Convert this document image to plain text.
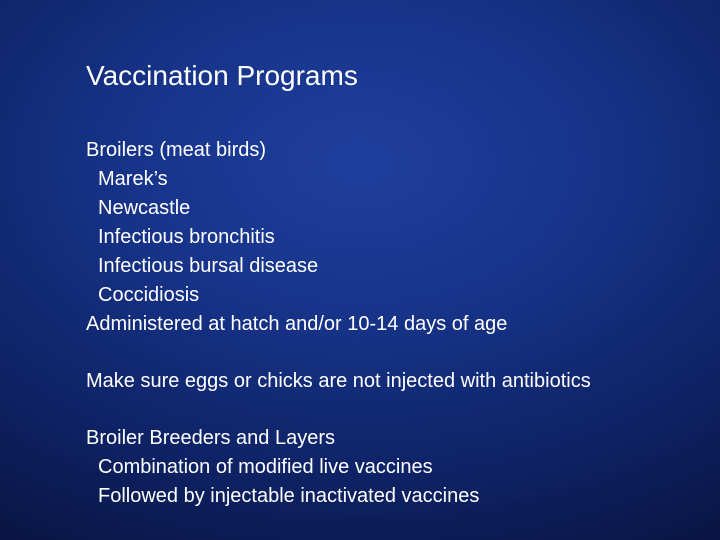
Vaccination Programs
Broilers (meat birds)
Marek’s
Newcastle
Infectious bronchitis
Infectious bursal disease
Coccidiosis
Administered at hatch and/or 10-14 days of age
Make sure eggs or chicks are not injected with antibiotics
Broiler Breeders and Layers
Combination of modified live vaccines
Followed by injectable inactivated vaccines
